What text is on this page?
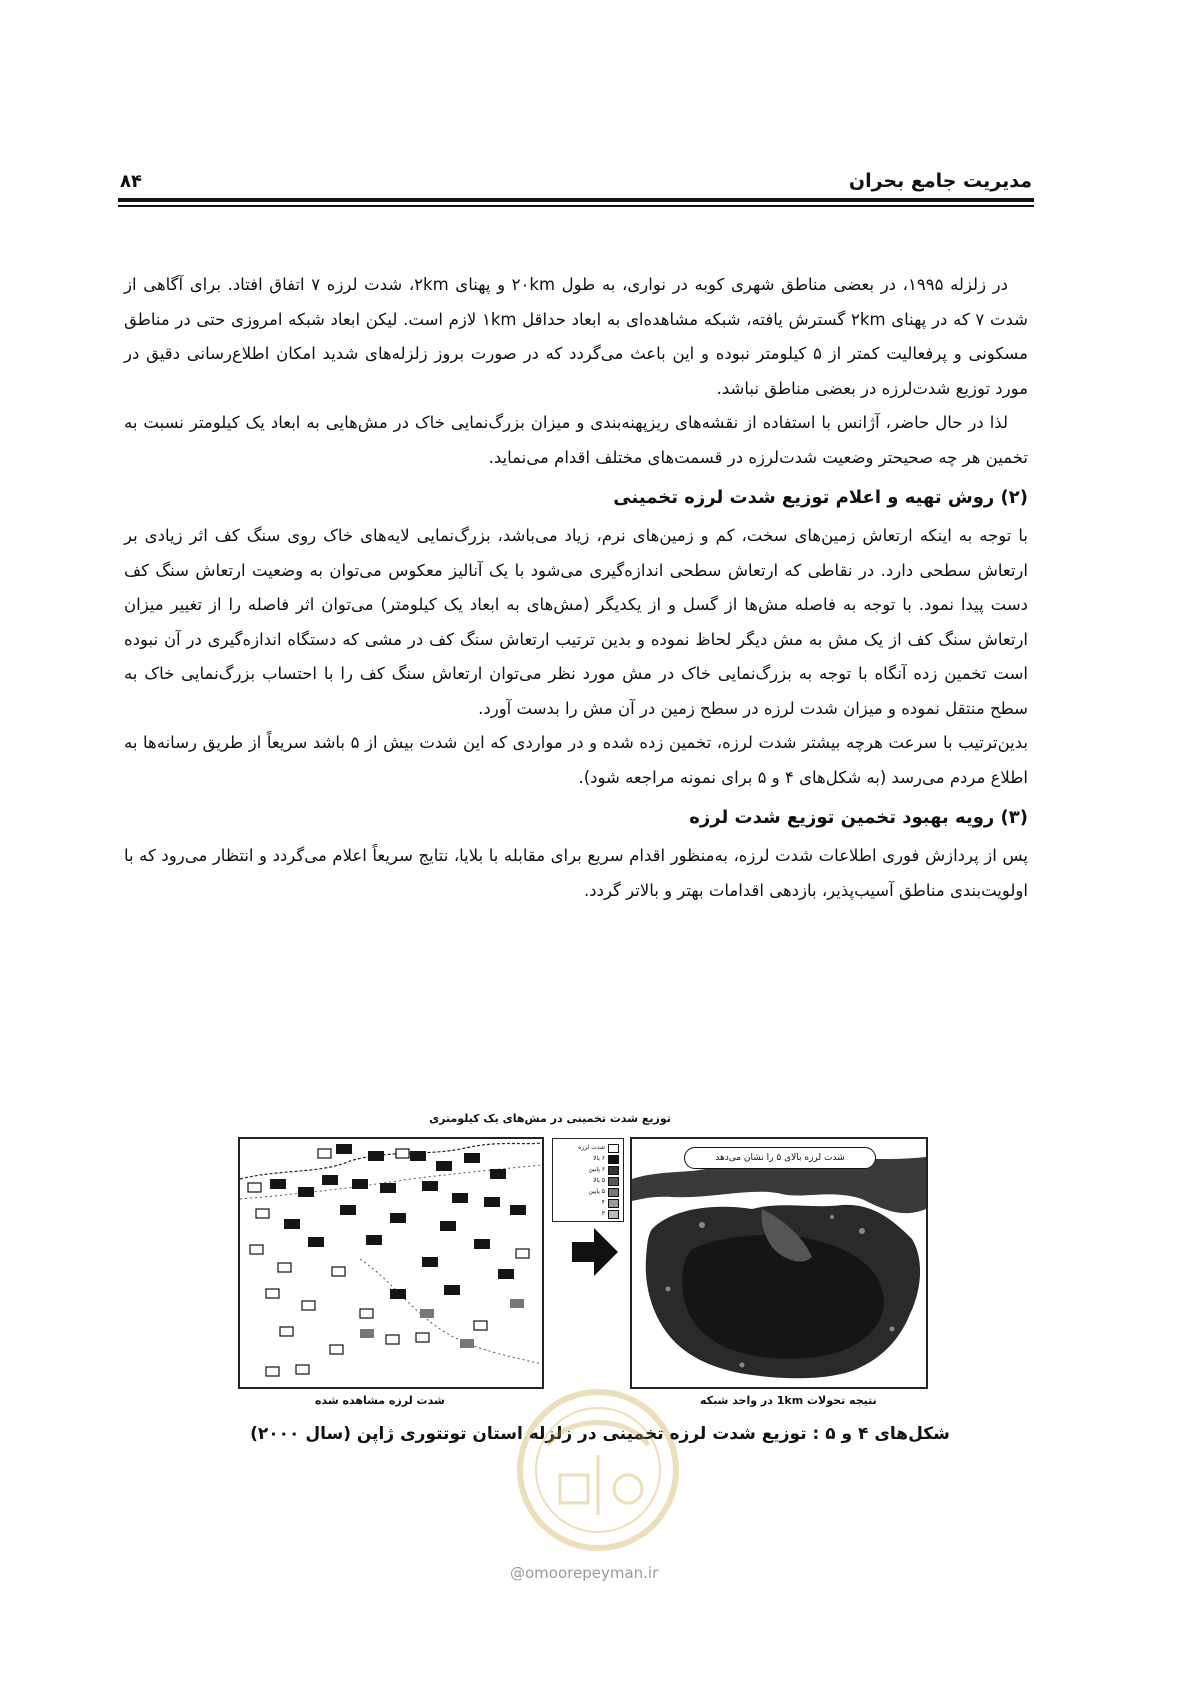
مدیریت جامع بحران
۸۴

در زلزله ۱۹۹۵، در بعضی مناطق شهری کوبه در نواری، به طول ۲۰km و پهنای ۲km، شدت لرزه ۷ اتفاق افتاد. برای آگاهی از شدت ۷ که در پهنای ۲km گسترش یافته، شبکه مشاهده‌ای به ابعاد حداقل ۱km لازم است. لیکن ابعاد شبکه امروزی حتی در مناطق مسکونی و پرفعالیت کمتر از ۵ کیلومتر نبوده و این باعث می‌گردد که در صورت بروز زلزله‌های شدید امکان اطلاع‌رسانی دقیق در مورد توزیع شدت‌لرزه در بعضی مناطق نباشد.

لذا در حال حاضر، آژانس با استفاده از نقشه‌های ریزپهنه‌بندی و میزان بزرگ‌نمایی خاک در مش‌هایی به ابعاد یک کیلومتر نسبت به تخمین هر چه صحیحتر وضعیت شدت‌لرزه در قسمت‌های مختلف اقدام می‌نماید.

(۲) روش تهیه و اعلام توزیع شدت لرزه تخمینی

با توجه به اینکه ارتعاش زمین‌های سخت، کم و زمین‌های نرم، زیاد می‌باشد، بزرگ‌نمایی لایه‌های خاک روی سنگ کف اثر زیادی بر ارتعاش سطحی دارد. در نقاطی که ارتعاش سطحی اندازه‌گیری می‌شود با یک آنالیز معکوس می‌توان به وضعیت ارتعاش سنگ کف دست پیدا نمود. با توجه به فاصله مش‌ها از گسل و از یکدیگر (مش‌های به ابعاد یک کیلومتر) می‌توان اثر فاصله را از تغییر میزان ارتعاش سنگ کف از یک مش به مش دیگر لحاظ نموده و بدین ترتیب ارتعاش سنگ کف در مشی که دستگاه اندازه‌گیری در آن نبوده است تخمین زده آنگاه با توجه به بزرگ‌نمایی خاک در مش مورد نظر می‌توان ارتعاش سنگ کف را با احتساب بزرگ‌نمایی خاک به سطح منتقل نموده و میزان شدت لرزه در سطح زمین در آن مش را بدست آورد.

بدین‌ترتیب با سرعت هرچه بیشتر شدت لرزه، تخمین زده شده و در مواردی که این شدت بیش از ۵ باشد سریعاً از طریق رسانه‌ها به اطلاع مردم می‌رسد (به شکل‌های ۴ و ۵ برای نمونه مراجعه شود).

(۳) رویه بهبود تخمین توزیع شدت لرزه

پس از پردازش فوری اطلاعات شدت لرزه، به‌منظور اقدام سریع برای مقابله با بلایا، نتایج سریعاً اعلام می‌گردد و انتظار می‌رود که با اولویت‌بندی مناطق آسیب‌پذیر، بازدهی اقدامات بهتر و بالاتر گردد.

توزیع شدت تخمینی در مش‌های یک کیلومتری
شدت لرزه
۶ بالا
۶ پایین
۵ بالا
۵ پایین
۴
۳
شدت لرزه بالای ۵ را نشان می‌دهد
شدت لرزه مشاهده شده	نتیجه تحولات 1km در واحد شبکه
شکل‌های ۴ و ۵ : توزیع شدت لرزه تخمینی در زلزله استان توتتوری ژاپن (سال ۲۰۰۰)
@omoorepeyman.ir
